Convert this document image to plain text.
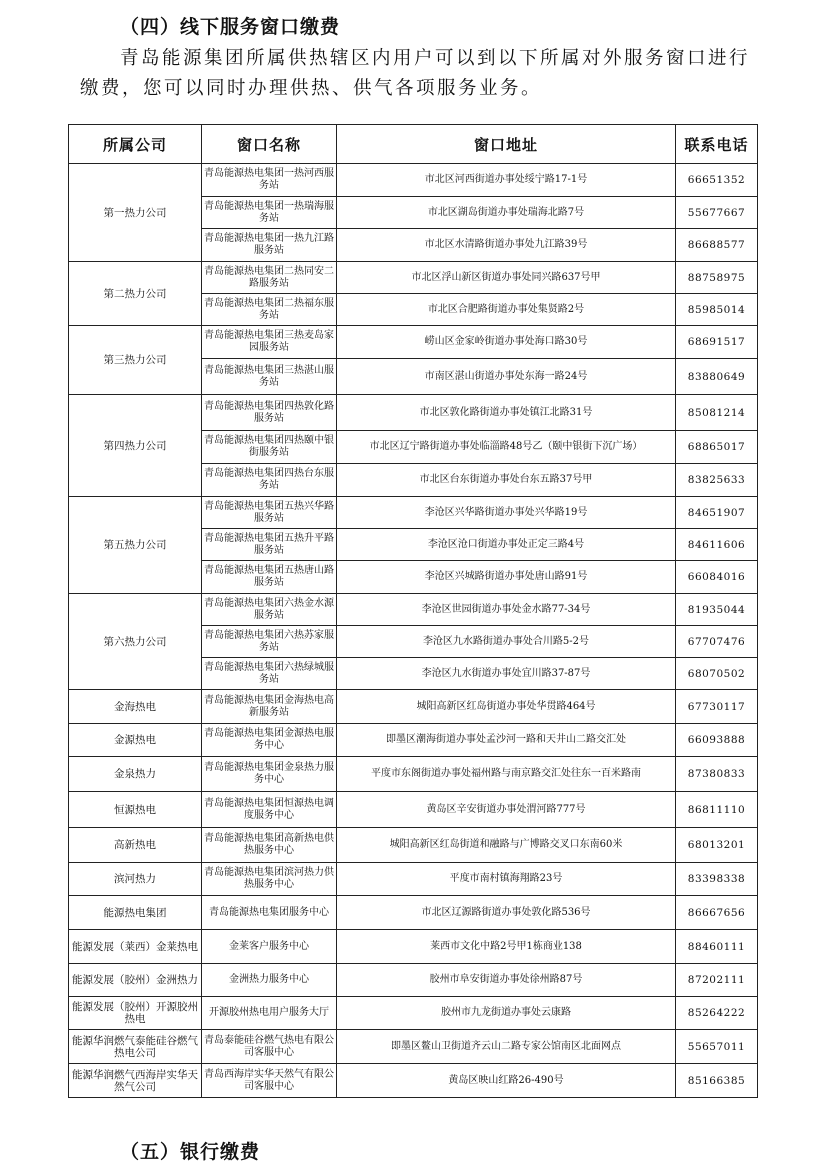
（四）线下服务窗口缴费
青岛能源集团所属供热辖区内用户可以到以下所属对外服务窗口进行缴费，您可以同时办理供热、供气各项服务业务。
所属公司	窗口名称	窗口地址	联系电话
第一热力公司	青岛能源热电集团一热河西服务站	市北区河西街道办事处绥宁路17-1号	66651352
	青岛能源热电集团一热瑞海服务站	市北区湖岛街道办事处瑞海北路7号	55677667
	青岛能源热电集团一热九江路服务站	市北区水清路街道办事处九江路39号	86688577
第二热力公司	青岛能源热电集团二热同安二路服务站	市北区浮山新区街道办事处同兴路637号甲	88758975
	青岛能源热电集团二热福东服务站	市北区合肥路街道办事处集贤路2号	85985014
第三热力公司	青岛能源热电集团三热麦岛家园服务站	崂山区金家岭街道办事处海口路30号	68691517
	青岛能源热电集团三热湛山服务站	市南区湛山街道办事处东海一路24号	83880649
第四热力公司	青岛能源热电集团四热敦化路服务站	市北区敦化路街道办事处镇江北路31号	85081214
	青岛能源热电集团四热颐中银街服务站	市北区辽宁路街道办事处临淄路48号乙（颐中银街下沉广场）	68865017
	青岛能源热电集团四热台东服务站	市北区台东街道办事处台东五路37号甲	83825633
第五热力公司	青岛能源热电集团五热兴华路服务站	李沧区兴华路街道办事处兴华路19号	84651907
	青岛能源热电集团五热升平路服务站	李沧区沧口街道办事处正定三路4号	84611606
	青岛能源热电集团五热唐山路服务站	李沧区兴城路街道办事处唐山路91号	66084016
第六热力公司	青岛能源热电集团六热金水源服务站	李沧区世园街道办事处金水路77-34号	81935044
	青岛能源热电集团六热苏家服务站	李沧区九水路街道办事处合川路5-2号	67707476
	青岛能源热电集团六热绿城服务站	李沧区九水街道办事处宜川路37-87号	68070502
金海热电	青岛能源热电集团金海热电高新服务站	城阳高新区红岛街道办事处华贯路464号	67730117
金源热电	青岛能源热电集团金源热电服务中心	即墨区潮海街道办事处孟沙河一路和天井山二路交汇处	66093888
金泉热力	青岛能源热电集团金泉热力服务中心	平度市东阁街道办事处福州路与南京路交汇处往东一百米路南	87380833
恒源热电	青岛能源热电集团恒源热电调度服务中心	黄岛区辛安街道办事处渭河路777号	86811110
高新热电	青岛能源热电集团高新热电供热服务中心	城阳高新区红岛街道和融路与广博路交叉口东南60米	68013201
滨河热力	青岛能源热电集团滨河热力供热服务中心	平度市南村镇海翔路23号	83398338
能源热电集团	青岛能源热电集团服务中心	市北区辽源路街道办事处敦化路536号	86667656
能源发展（莱西）金莱热电	金莱客户服务中心	莱西市文化中路2号甲1栋商业138	88460111
能源发展（胶州）金洲热力	金洲热力服务中心	胶州市阜安街道办事处徐州路87号	87202111
能源发展（胶州）开源胶州热电	开源胶州热电用户服务大厅	胶州市九龙街道办事处云康路	85264222
能源华润燃气泰能硅谷燃气热电公司	青岛泰能硅谷燃气热电有限公司客服中心	即墨区鳌山卫街道齐云山二路专家公馆南区北面网点	55657011
能源华润燃气西海岸实华天然气公司	青岛西海岸实华天然气有限公司客服中心	黄岛区映山红路26-490号	85166385
（五）银行缴费
